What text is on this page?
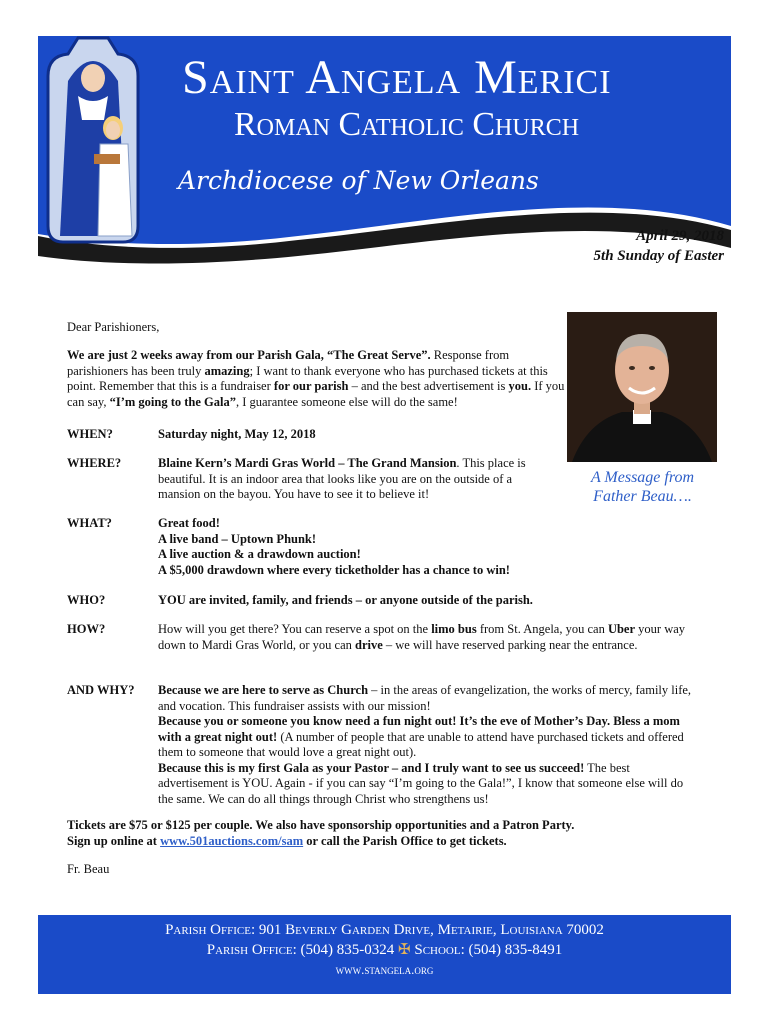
Saint Angela Merici
Roman Catholic Church
Archdiocese of New Orleans
April 29, 2018
5th Sunday of Easter
A Message from
Father Beau….
Dear Parishioners,
We are just 2 weeks away from our Parish Gala, “The Great Serve”. Response from parishioners has been truly amazing; I want to thank everyone who has purchased tickets at this point. Remember that this is a fundraiser for our parish – and the best advertisement is you. If you can say, “I’m going to the Gala”, I guarantee someone else will do the same!
WHEN?	Saturday night, May 12, 2018
WHERE?	Blaine Kern’s Mardi Gras World – The Grand Mansion. This place is beautiful. It is an indoor area that looks like you are on the outside of a mansion on the bayou. You have to see it to believe it!
WHAT?	Great food!
A live band – Uptown Phunk!
A live auction & a drawdown auction!
A $5,000 drawdown where every ticketholder has a chance to win!
WHO?	YOU are invited, family, and friends – or anyone outside of the parish.
HOW?	How will you get there? You can reserve a spot on the limo bus from St. Angela, you can Uber your way down to Mardi Gras World, or you can drive – we will have reserved parking near the entrance.
AND WHY?	Because we are here to serve as Church – in the areas of evangelization, the works of mercy, family life, and vocation. This fundraiser assists with our mission!
Because you or someone you know need a fun night out! It’s the eve of Mother’s Day. Bless a mom with a great night out! (A number of people that are unable to attend have purchased tickets and offered them to someone that would love a great night out).
Because this is my first Gala as your Pastor – and I truly want to see us succeed! The best advertisement is YOU. Again - if you can say “I’m going to the Gala!”, I know that someone else will do the same. We can do all things through Christ who strengthens us!
Tickets are $75 or $125 per couple. We also have sponsorship opportunities and a Patron Party.
Sign up online at www.501auctions.com/sam or call the Parish Office to get tickets.
Fr. Beau
Parish Office: 901 Beverly Garden Drive, Metairie, Louisiana 70002
Parish Office: (504) 835-0324 ✠ School: (504) 835-8491
www.stangela.org
